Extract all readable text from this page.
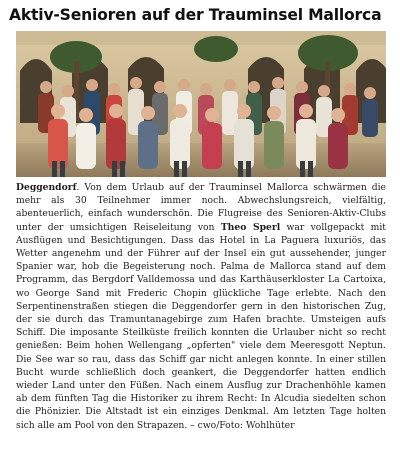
Aktiv-Senioren auf der Trauminsel Mallorca

Deggendorf. Von dem Urlaub auf der Trauminsel Mallorca schwärmen die mehr als 30 Teilnehmer immer noch. Abwechslungsreich, vielfältig, abenteuerlich, einfach wunderschön. Die Flugreise des Senioren-Aktiv-Clubs unter der umsichtigen Reiseleitung von Theo Sperl war vollgepackt mit Ausflügen und Besichtigungen. Dass das Hotel in La Paguera luxuriös, das Wetter angenehm und der Führer auf der Insel ein gut aussehender, junger Spanier war, hob die Begeisterung noch. Palma de Mallorca stand auf dem Programm, das Bergdorf Valldemossa und das Karthäuserkloster La Cartoixa, wo George Sand mit Frederic Chopin glückliche Tage erlebte. Nach den Serpentinenstraßen stiegen die Deggendorfer gern in den historischen Zug, der sie durch das Tramuntanagebirge zum Hafen brachte. Umsteigen aufs Schiff. Die imposante Steilküste freilich konnten die Urlauber nicht so recht genießen: Beim hohen Wellengang „opferten" viele dem Meeresgott Neptun. Die See war so rau, dass das Schiff gar nicht anlegen konnte. In einer stillen Bucht wurde schließlich doch geankert, die Deggendorfer hatten endlich wieder Land unter den Füßen. Nach einem Ausflug zur Drachenhöhle kamen ab dem fünften Tag die Historiker zu ihrem Recht: In Alcudia siedelten schon die Phönizier. Die Altstadt ist ein einziges Denkmal. Am letzten Tage holten sich alle am Pool von den Strapazen. – cwo/Foto: Wohlhüter
